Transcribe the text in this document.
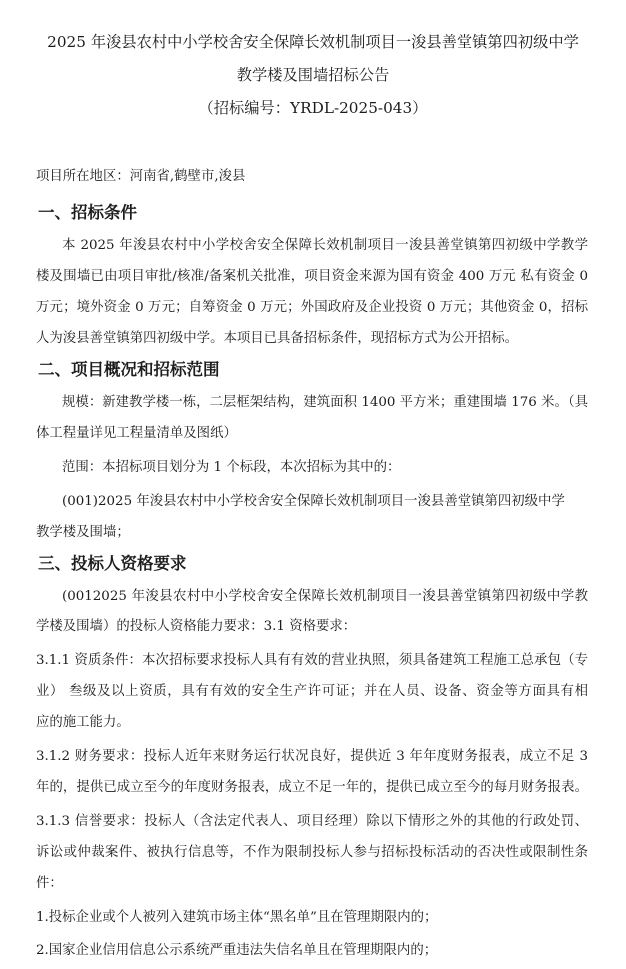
2025 年浚县农村中小学校舍安全保障长效机制项目一浚县善堂镇第四初级中学
教学楼及围墙招标公告
（招标编号：YRDL-2025-043）
项目所在地区：河南省,鹤壁市,浚县
一、招标条件
本 2025 年浚县农村中小学校舍安全保障长效机制项目一浚县善堂镇第四初级中学教学
楼及围墙已由项目审批/核准/备案机关批准，项目资金来源为国有资金 400 万元 私有资金 0
万元；境外资金 0 万元；自筹资金 0 万元；外国政府及企业投资 0 万元；其他资金 0，招标
人为浚县善堂镇第四初级中学。本项目已具备招标条件，现招标方式为公开招标。
二、项目概况和招标范围
规模：新建教学楼一栋，二层框架结构，建筑面积 1400 平方米；重建围墙 176 米。（具
体工程量详见工程量清单及图纸）
范围：本招标项目划分为 1 个标段，本次招标为其中的：
(001)2025 年浚县农村中小学校舍安全保障长效机制项目一浚县善堂镇第四初级中学
教学楼及围墙；
三、投标人资格要求
(0012025 年浚县农村中小学校舍安全保障长效机制项目一浚县善堂镇第四初级中学教
学楼及围墙）的投标人资格能力要求：3.1 资格要求：
3.1.1 资质条件：本次招标要求投标人具有有效的营业执照，须具备建筑工程施工总承包（专
业） 叁级及以上资质，具有有效的安全生产许可证；并在人员、设备、资金等方面具有相
应的施工能力。
3.1.2 财务要求：投标人近年来财务运行状况良好，提供近 3 年年度财务报表，成立不足 3
年的，提供已成立至今的年度财务报表，成立不足一年的，提供已成立至今的每月财务报表。
3.1.3 信誉要求：投标人（含法定代表人、项目经理）除以下情形之外的其他的行政处罚、
诉讼或仲裁案件、被执行信息等，不作为限制投标人参与招标投标活动的否决性或限制性条
件：
1.投标企业或个人被列入建筑市场主体“黑名单”且在管理期限内的；
2.国家企业信用信息公示系统严重违法失信名单且在管理期限内的；
